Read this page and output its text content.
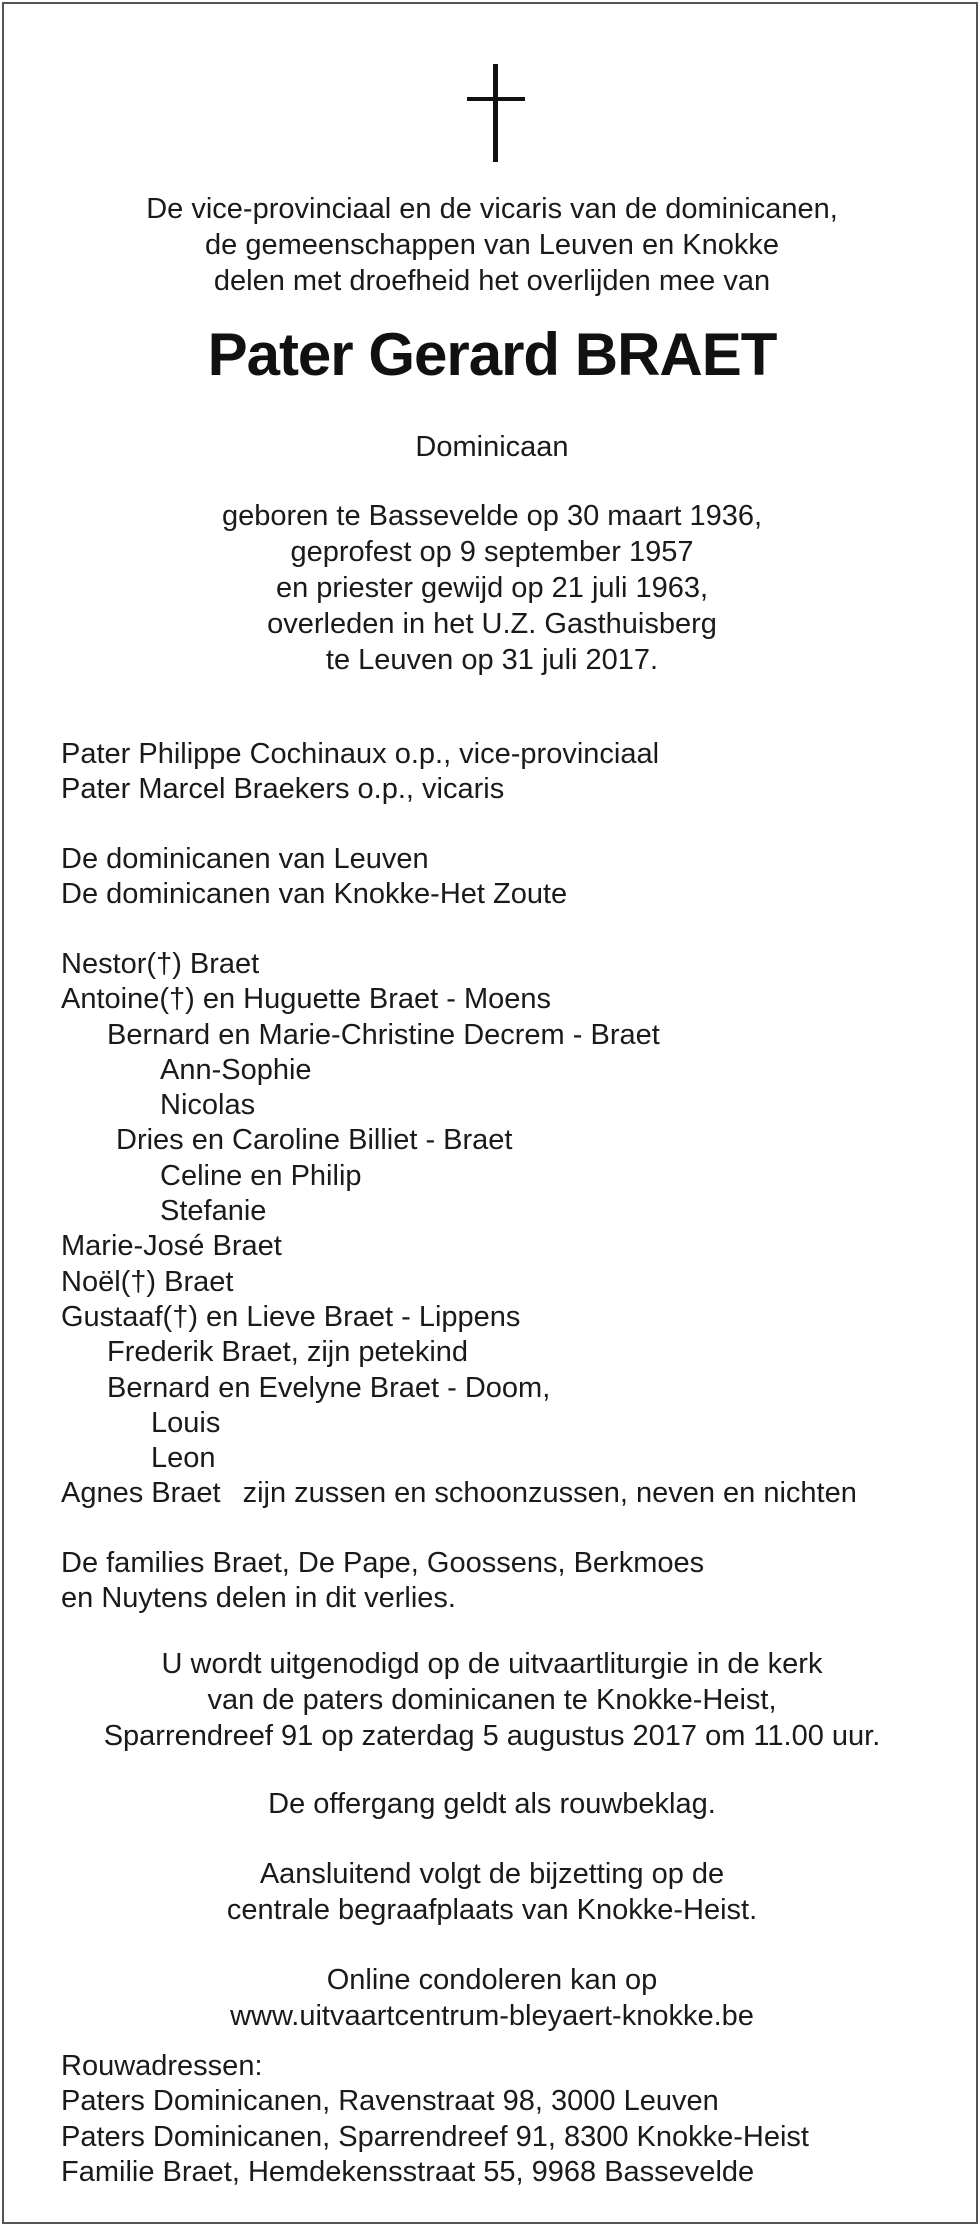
De vice-provinciaal en de vicaris van de dominicanen,
de gemeenschappen van Leuven en Knokke
delen met droefheid het overlijden mee van
Pater Gerard BRAET
Dominicaan
geboren te Bassevelde op 30 maart 1936,
geprofest op 9 september 1957
en priester gewijd op 21 juli 1963,
overleden in het U.Z. Gasthuisberg
te Leuven op 31 juli 2017.
Pater Philippe Cochinaux o.p., vice-provinciaal
Pater Marcel Braekers o.p., vicaris
De dominicanen van Leuven
De dominicanen van Knokke-Het Zoute
Nestor(†) Braet
Antoine(†) en Huguette Braet - Moens
Bernard en Marie-Christine Decrem - Braet
Ann-Sophie
Nicolas
Dries en Caroline Billiet - Braet
Celine en Philip
Stefanie
Marie-José Braet
Noël(†) Braet
Gustaaf(†) en Lieve Braet - Lippens
Frederik Braet, zijn petekind
Bernard en Evelyne Braet - Doom,
Louis
Leon
Agnes Braet zijn zussen en schoonzussen, neven en nichten
De families Braet, De Pape, Goossens, Berkmoes
en Nuytens delen in dit verlies.
U wordt uitgenodigd op de uitvaartliturgie in de kerk
van de paters dominicanen te Knokke-Heist,
Sparrendreef 91 op zaterdag 5 augustus 2017 om 11.00 uur.
De offergang geldt als rouwbeklag.
Aansluitend volgt de bijzetting op de
centrale begraafplaats van Knokke-Heist.
Online condoleren kan op
www.uitvaartcentrum-bleyaert-knokke.be
Rouwadressen:
Paters Dominicanen, Ravenstraat 98, 3000 Leuven
Paters Dominicanen, Sparrendreef 91, 8300 Knokke-Heist
Familie Braet, Hemdekensstraat 55, 9968 Bassevelde
